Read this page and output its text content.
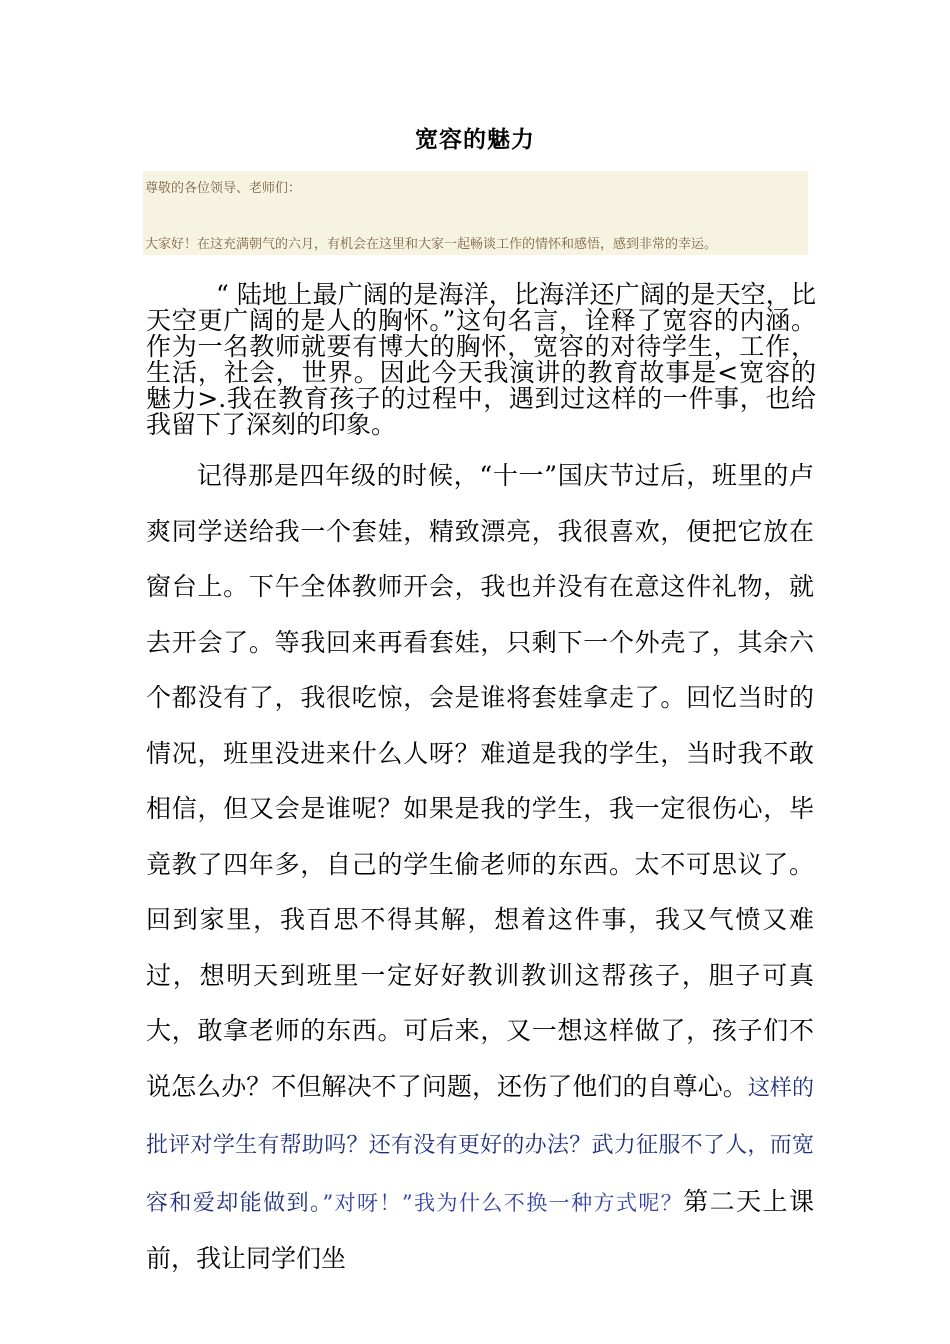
宽容的魅力
尊敬的各位领导、老师们：
大家好！在这充满朝气的六月，有机会在这里和大家一起畅谈工作的情怀和感悟，感到非常的幸运。
“ 陆地上最广阔的是海洋，比海洋还广阔的是天空，比天空更广阔的是人的胸怀。”这句名言，诠释了宽容的内涵。作为一名教师就要有博大的胸怀，宽容的对待学生，工作，生活，社会，世界。因此今天我演讲的教育故事是<宽容的魅力>.我在教育孩子的过程中，遇到过这样的一件事，也给我留下了深刻的印象。
记得那是四年级的时候，“十一”国庆节过后，班里的卢爽同学送给我一个套娃，精致漂亮，我很喜欢，便把它放在窗台上。下午全体教师开会，我也并没有在意这件礼物，就去开会了。等我回来再看套娃，只剩下一个外壳了，其余六个都没有了，我很吃惊，会是谁将套娃拿走了。回忆当时的情况，班里没进来什么人呀？难道是我的学生，当时我不敢相信，但又会是谁呢？如果是我的学生，我一定很伤心，毕竟教了四年多，自己的学生偷老师的东西。太不可思议了。回到家里，我百思不得其解，想着这件事，我又气愤又难过，想明天到班里一定好好教训教训这帮孩子，胆子可真大，敢拿老师的东西。可后来，又一想这样做了，孩子们不说怎么办？不但解决不了问题，还伤了他们的自尊心。这样的批评对学生有帮助吗？还有没有更好的办法？武力征服不了人，而宽容和爱却能做到。”对呀！”我为什么不换一种方式呢？第二天上课前，我让同学们坐
